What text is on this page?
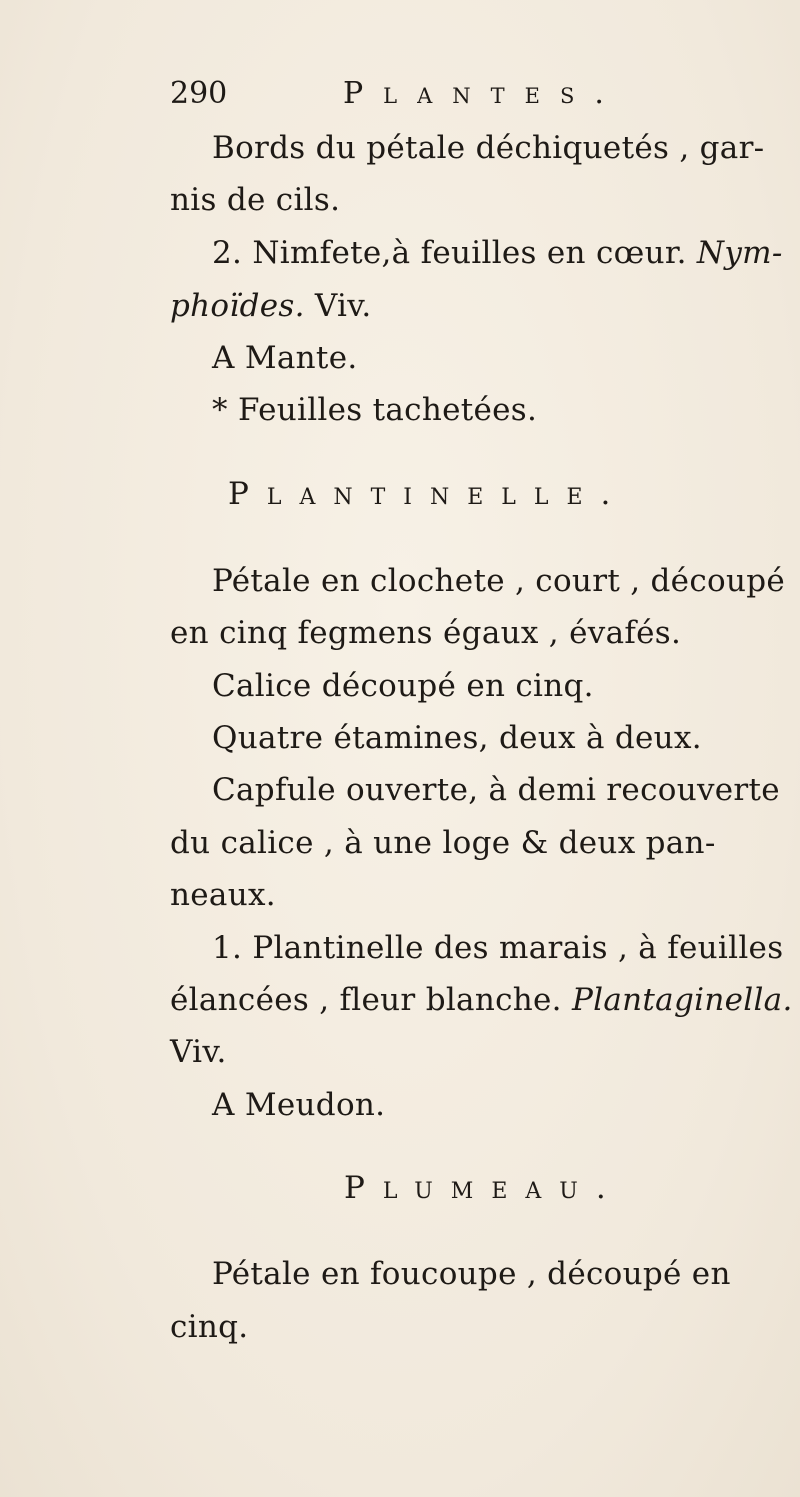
290	Plantes.
Bords du pétale déchiquetés , gar-
nis de cils.
2. Nimfete,à feuilles en cœur. Nym-
phoïdes. Viv.
A Mante.
* Feuilles tachetées.
Plantinelle.
Pétale en clochete , court , découpé
en cinq fegmens égaux , évafés.
Calice découpé en cinq.
Quatre étamines, deux à deux.
Capfule ouverte, à demi recouverte
du calice , à une loge & deux pan-
neaux.
1. Plantinelle des marais , à feuilles
élancées , fleur blanche. Plantaginella.
Viv.
A Meudon.
Plumeau.
Pétale en foucoupe , découpé en
cinq.
